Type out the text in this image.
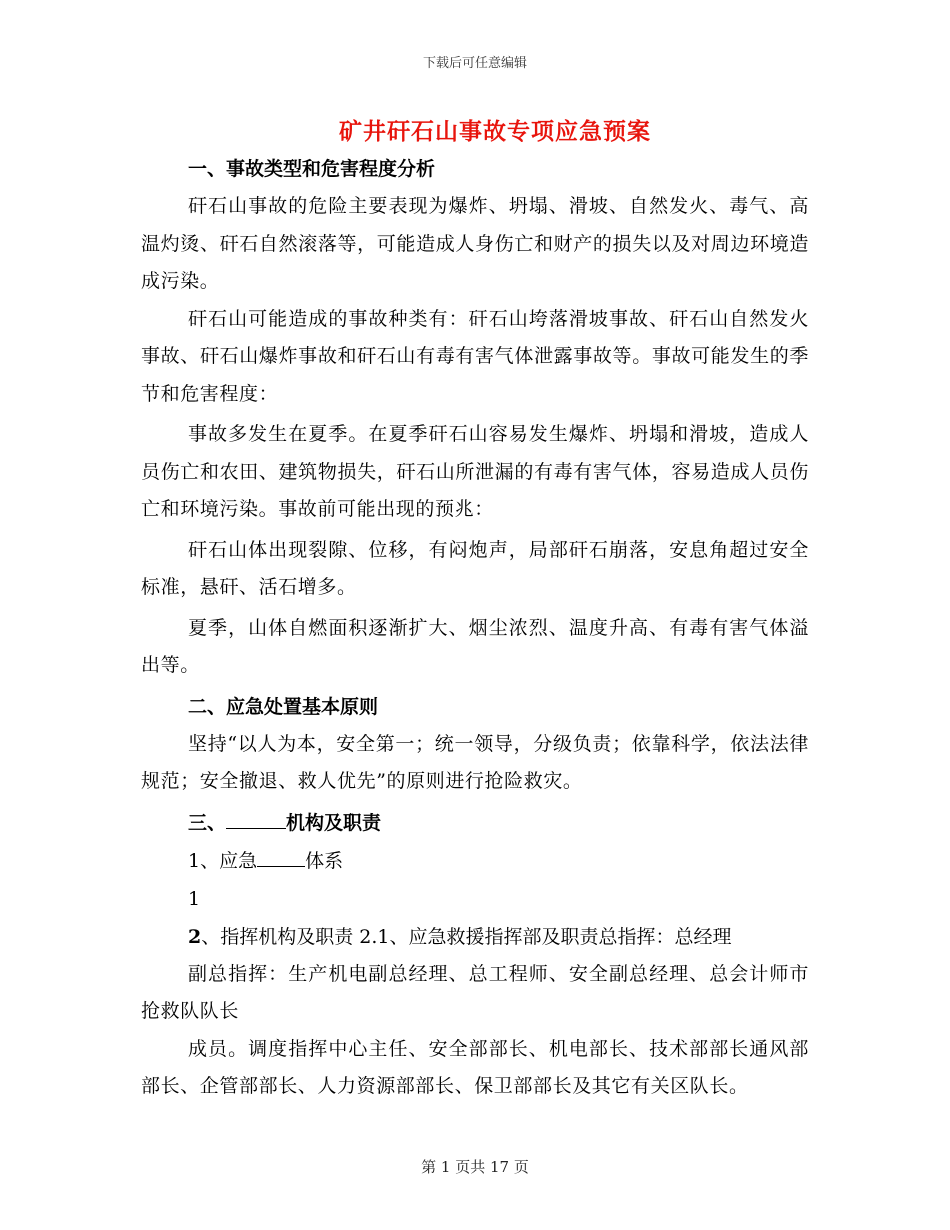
下载后可任意编辑
矿井矸石山事故专项应急预案

一、事故类型和危害程度分析

矸石山事故的危险主要表现为爆炸、坍塌、滑坡、自然发火、毒气、高温灼烫、矸石自然滚落等，可能造成人身伤亡和财产的损失以及对周边环境造成污染。

矸石山可能造成的事故种类有：矸石山垮落滑坡事故、矸石山自然发火事故、矸石山爆炸事故和矸石山有毒有害气体泄露事故等。事故可能发生的季节和危害程度：

事故多发生在夏季。在夏季矸石山容易发生爆炸、坍塌和滑坡，造成人员伤亡和农田、建筑物损失，矸石山所泄漏的有毒有害气体，容易造成人员伤亡和环境污染。事故前可能出现的预兆：

矸石山体出现裂隙、位移，有闷炮声，局部矸石崩落，安息角超过安全标准，悬矸、活石增多。

夏季，山体自燃面积逐渐扩大、烟尘浓烈、温度升高、有毒有害气体溢出等。

二、应急处置基本原则

坚持“以人为本，安全第一；统一领导，分级负责；依靠科学，依法法律规范；安全撤退、救人优先”的原则进行抢险救灾。

三、	机构及职责

1、应急	体系

1

2、指挥机构及职责 2.1、应急救援指挥部及职责总指挥：总经理

副总指挥：生产机电副总经理、总工程师、安全副总经理、总会计师市抢救队队长

成员。调度指挥中心主任、安全部部长、机电部长、技术部部长通风部部长、企管部部长、人力资源部部长、保卫部部长及其它有关区队长。

第 1 页共 17 页
